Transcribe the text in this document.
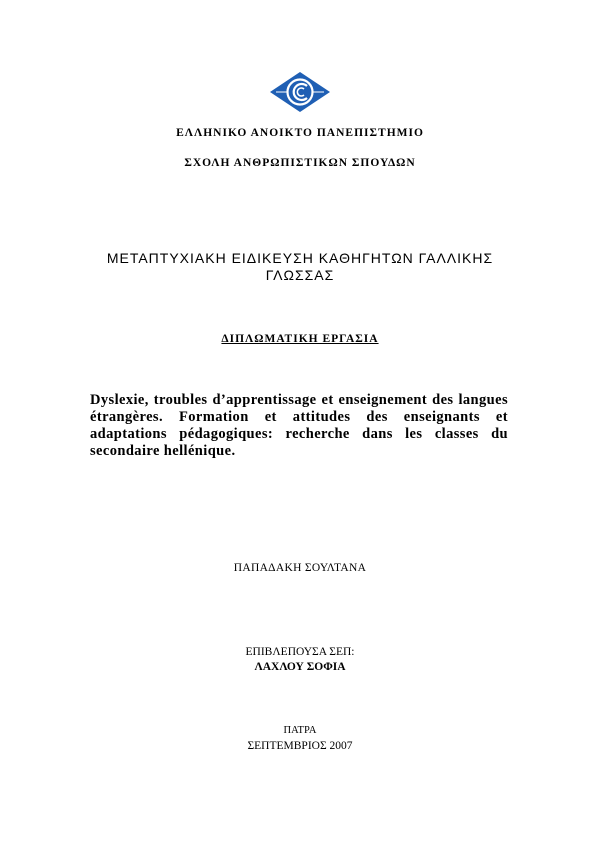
ΕΛΛΗΝΙΚΟ ΑΝΟΙΚΤΟ ΠΑΝΕΠΙΣΤΗΜΙΟ
ΣΧΟΛΗ ΑΝΘΡΩΠΙΣΤΙΚΩΝ ΣΠΟΥΔΩΝ
ΜΕΤΑΠΤΥΧΙΑΚΗ ΕΙΔΙΚΕΥΣΗ ΚΑΘΗΓΗΤΩΝ ΓΑΛΛΙΚΗΣ ΓΛΩΣΣΑΣ
ΔΙΠΛΩΜΑΤΙΚΗ ΕΡΓΑΣΙΑ
Dyslexie, troubles d’apprentissage et enseignement des langues étrangères. Formation et attitudes des enseignants et adaptations pédagogiques: recherche dans les classes du secondaire hellénique.
ΠΑΠΑΔΑΚΗ ΣΟΥΛΤΑΝΑ
ΕΠΙΒΛΕΠΟΥΣΑ ΣΕΠ:
ΛΑΧΛΟΥ ΣΟΦΙΑ
ΠΑΤΡΑ
ΣΕΠΤΕΜΒΡΙΟΣ 2007
